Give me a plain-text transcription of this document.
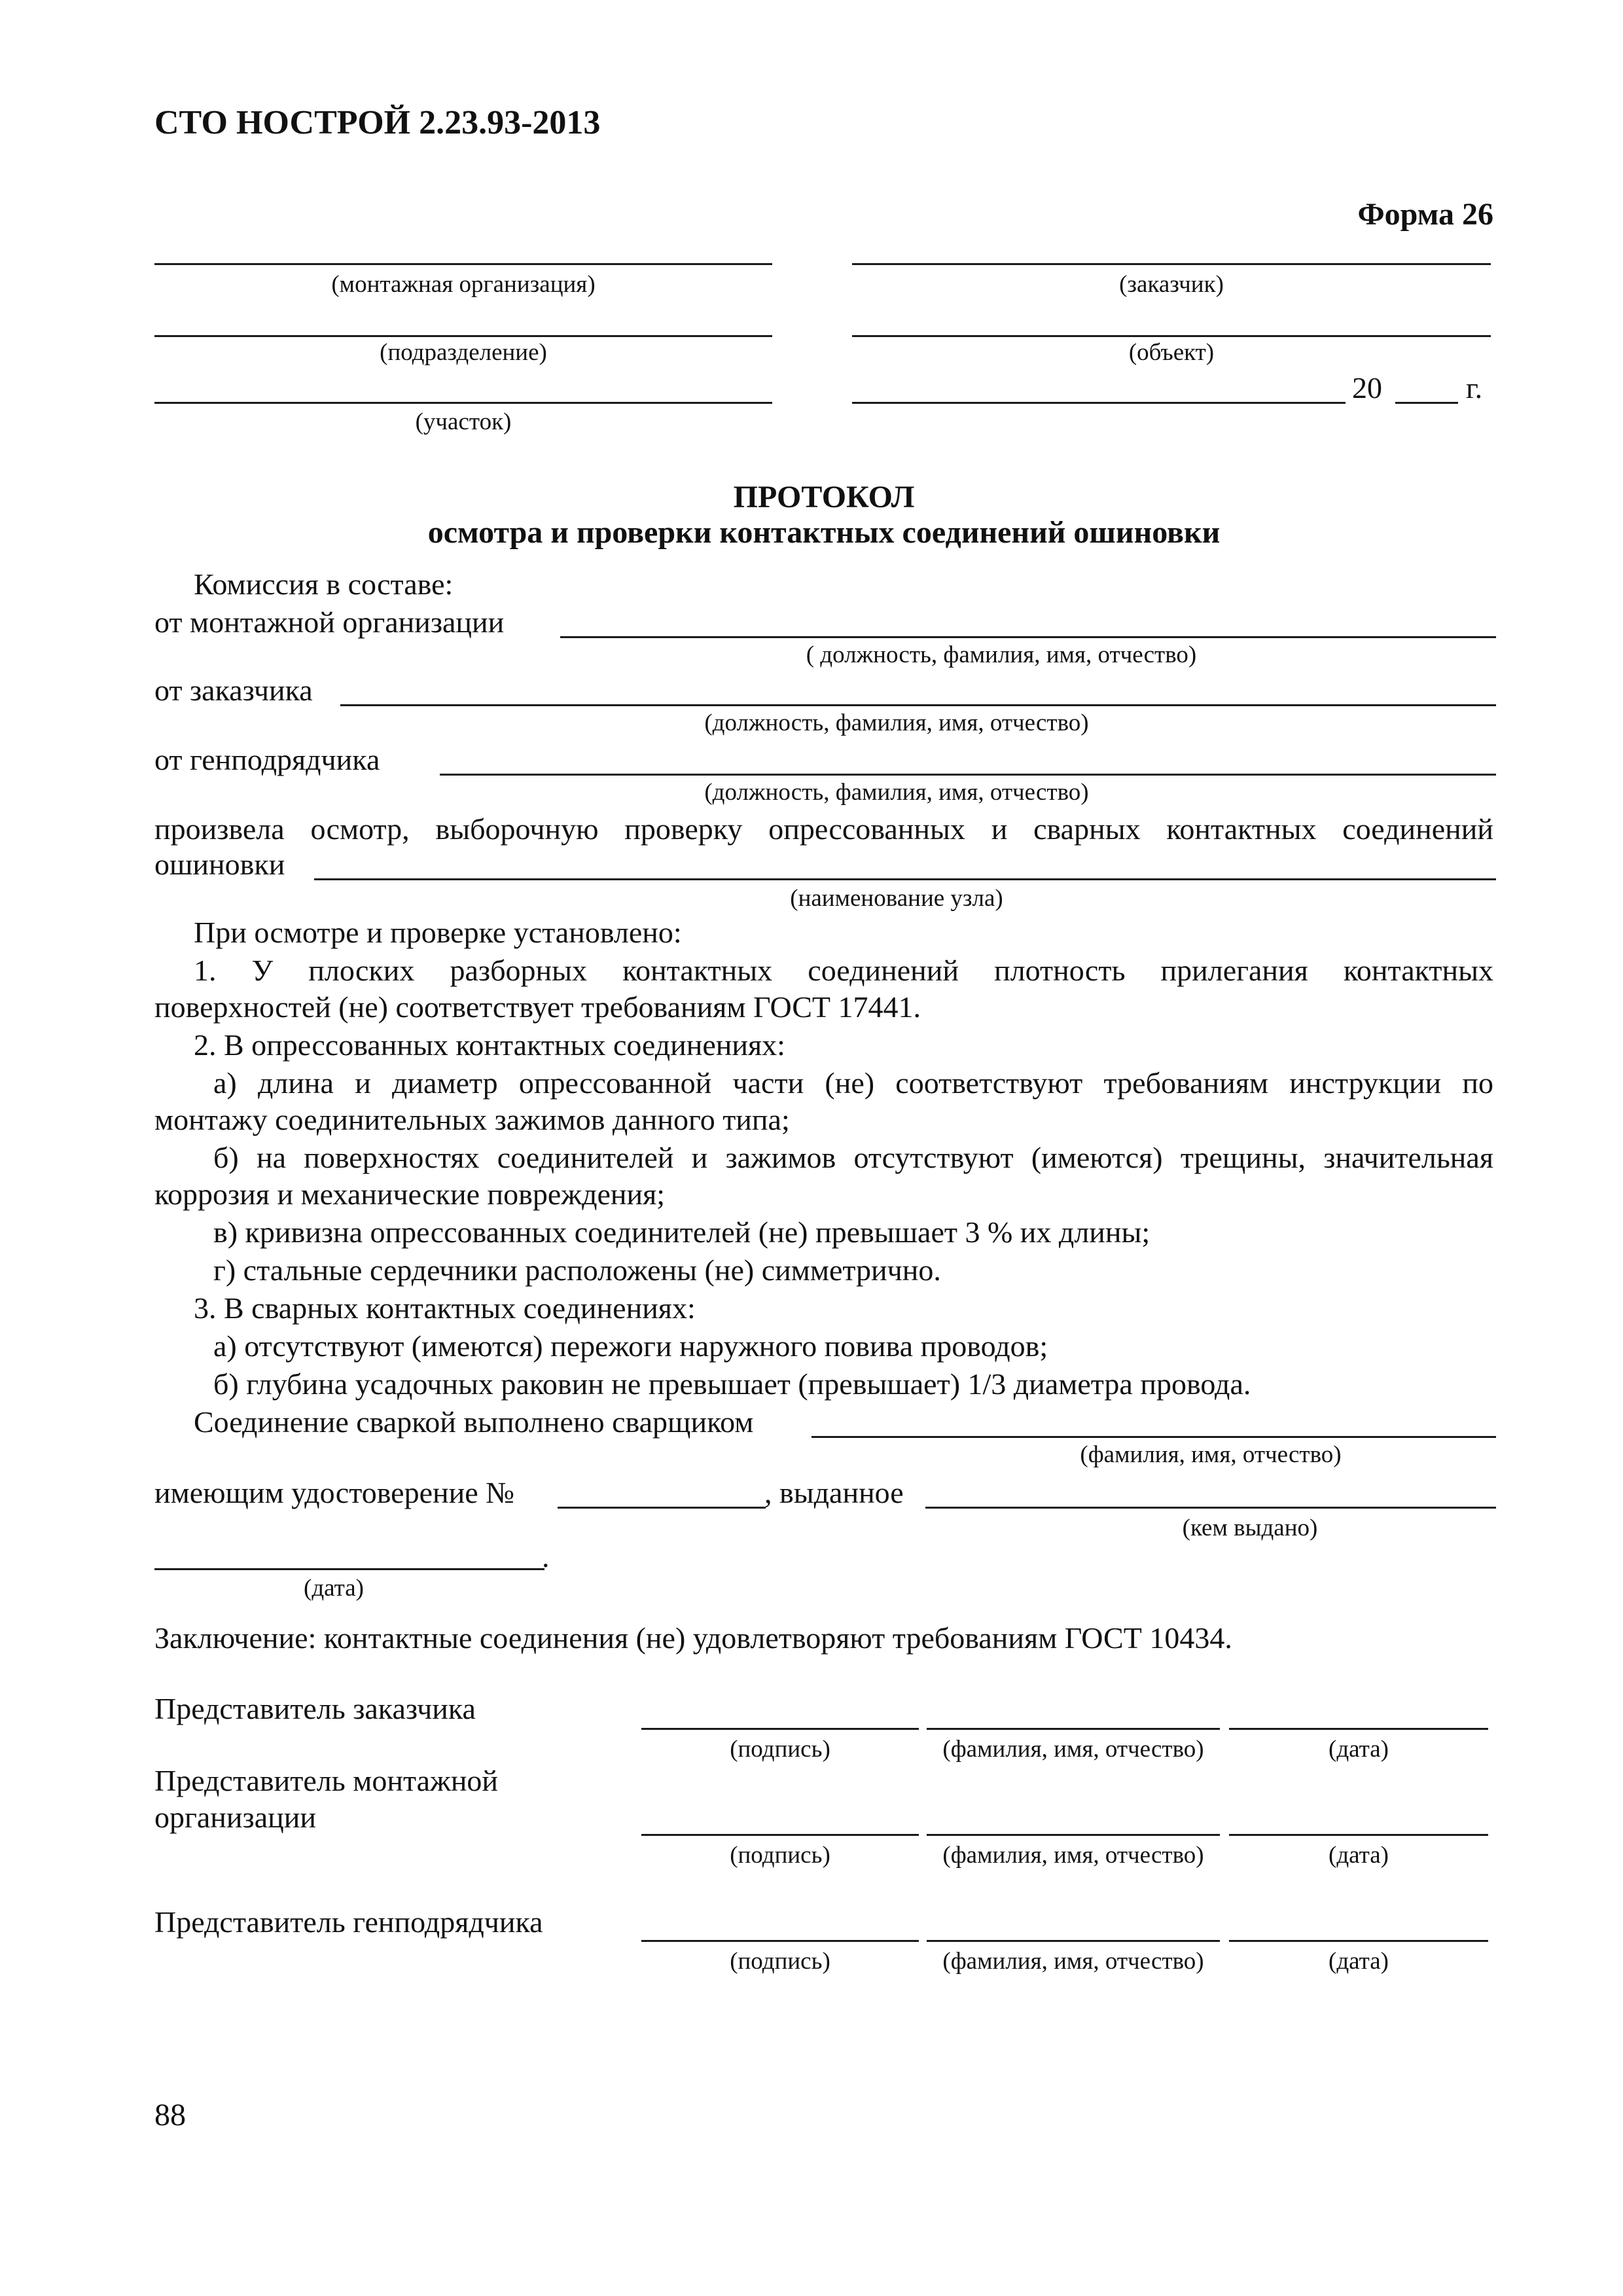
СТО НОСТРОЙ 2.23.93-2013
Форма 26
(монтажная организация)	(заказчик)
(подразделение)	(объект)
(участок)
20	г.
ПРОТОКОЛ
осмотра и проверки контактных соединений ошиновки
Комиссия в составе:
от монтажной организации
( должность, фамилия, имя, отчество)
от заказчика
(должность, фамилия, имя, отчество)
от генподрядчика
(должность, фамилия, имя, отчество)
произвела осмотр, выборочную проверку опрессованных и сварных контактных соединений
ошиновки
(наименование узла)
При осмотре и проверке установлено:
1. У плоских разборных контактных соединений плотность прилегания контактных
поверхностей (не) соответствует требованиям ГОСТ 17441.
2. В опрессованных контактных соединениях:
а) длина и диаметр опрессованной части (не) соответствуют требованиям инструкции по
монтажу соединительных зажимов данного типа;
б) на поверхностях соединителей и зажимов отсутствуют (имеются) трещины, значительная
коррозия и механические повреждения;
в) кривизна опрессованных соединителей (не) превышает 3 % их длины;
г) стальные сердечники расположены (не) симметрично.
3. В сварных контактных соединениях:
а) отсутствуют (имеются) пережоги наружного повива проводов;
б) глубина усадочных раковин не превышает (превышает) 1/3 диаметра провода.
Соединение сваркой выполнено сварщиком
(фамилия, имя, отчество)
имеющим удостоверение №	, выданное
(кем выдано)
.
(дата)
Заключение: контактные соединения (не) удовлетворяют требованиям ГОСТ 10434.
Представитель заказчика
(подпись)	(фамилия, имя, отчество)	(дата)
Представитель монтажной
организации
(подпись)	(фамилия, имя, отчество)	(дата)
Представитель генподрядчика
(подпись)	(фамилия, имя, отчество)	(дата)
88
